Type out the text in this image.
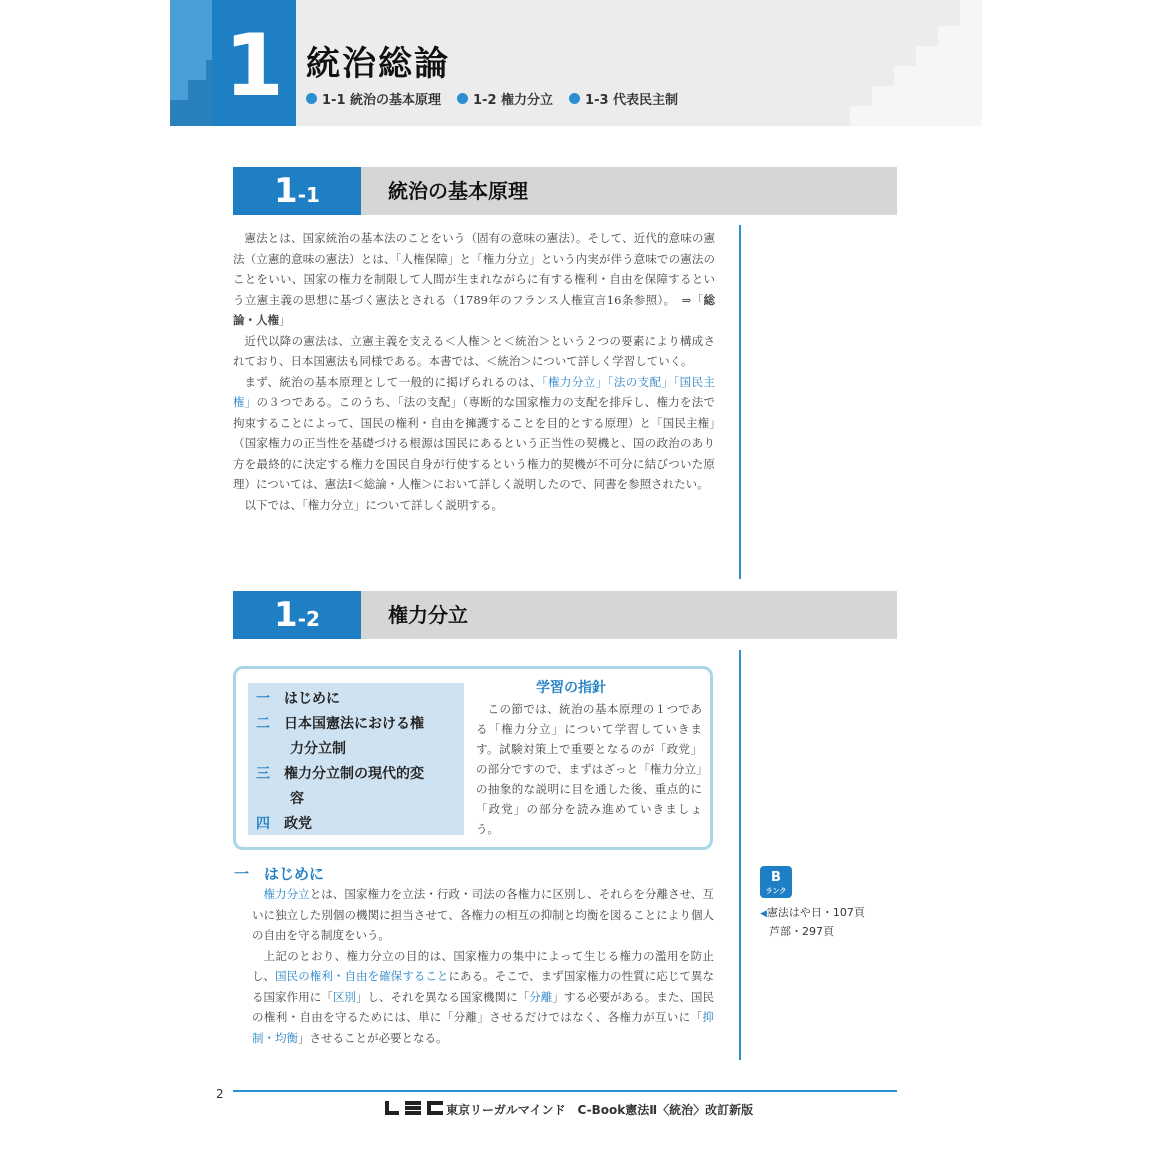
1 統治総論
1-1 統治の基本原理 1-2 権力分立 1-3 代表民主制
1-1	統治の基本原理

憲法とは、国家統治の基本法のことをいう（固有の意味の憲法）。そして、近代的意味の憲法（立憲的意味の憲法）とは、「人権保障」と「権力分立」という内実が伴う意味での憲法のことをいい、国家の権力を制限して人間が生まれながらに有する権利・自由を保障するという立憲主義の思想に基づく憲法とされる（1789年のフランス人権宣言16条参照）。　⇒「総論・人権」

近代以降の憲法は、立憲主義を支える＜人権＞と＜統治＞という２つの要素により構成されており、日本国憲法も同様である。本書では、＜統治＞について詳しく学習していく。

まず、統治の基本原理として一般的に掲げられるのは、「権力分立」「法の支配」「国民主権」の３つである。このうち、「法の支配」（専断的な国家権力の支配を排斥し、権力を法で拘束することによって、国民の権利・自由を擁護することを目的とする原理）と「国民主権」（国家権力の正当性を基礎づける根源は国民にあるという正当性の契機と、国の政治のあり方を最終的に決定する権力を国民自身が行使するという権力的契機が不可分に結びついた原理）については、憲法Ⅰ＜総論・人権＞において詳しく説明したので、同書を参照されたい。

以下では、「権力分立」について詳しく説明する。

1-2	権力分立
一 はじめに
二 日本国憲法における権
力分立制
三 権力分立制の現代的変
容
四 政党
学習の指針

この節では、統治の基本原理の１つである「権力分立」について学習していきます。試験対策上で重要となるのが「政党」の部分ですので、まずはざっと「権力分立」の抽象的な説明に目を通した後、重点的に「政党」の部分を読み進めていきましょう。

一　 はじめに

権力分立とは、国家権力を立法・行政・司法の各権力に区別し、それらを分離させ、互いに独立した別個の機関に担当させて、各権力の相互の抑制と均衡を図ることにより個人の自由を守る制度をいう。

上記のとおり、権力分立の目的は、国家権力の集中によって生じる権力の濫用を防止し、国民の権利・自由を確保することにある。そこで、まず国家権力の性質に応じて異なる国家作用に「区別」し、それを異なる国家機関に「分離」する必要がある。また、国民の権利・自由を守るためには、単に「分離」させるだけではなく、各権力が互いに「抑制・均衡」させることが必要となる。

B
ランク
◀憲法はや日・107頁
芦部・297頁
2
東京リーガルマインド　C-Book憲法Ⅱ〈統治〉改訂新版
